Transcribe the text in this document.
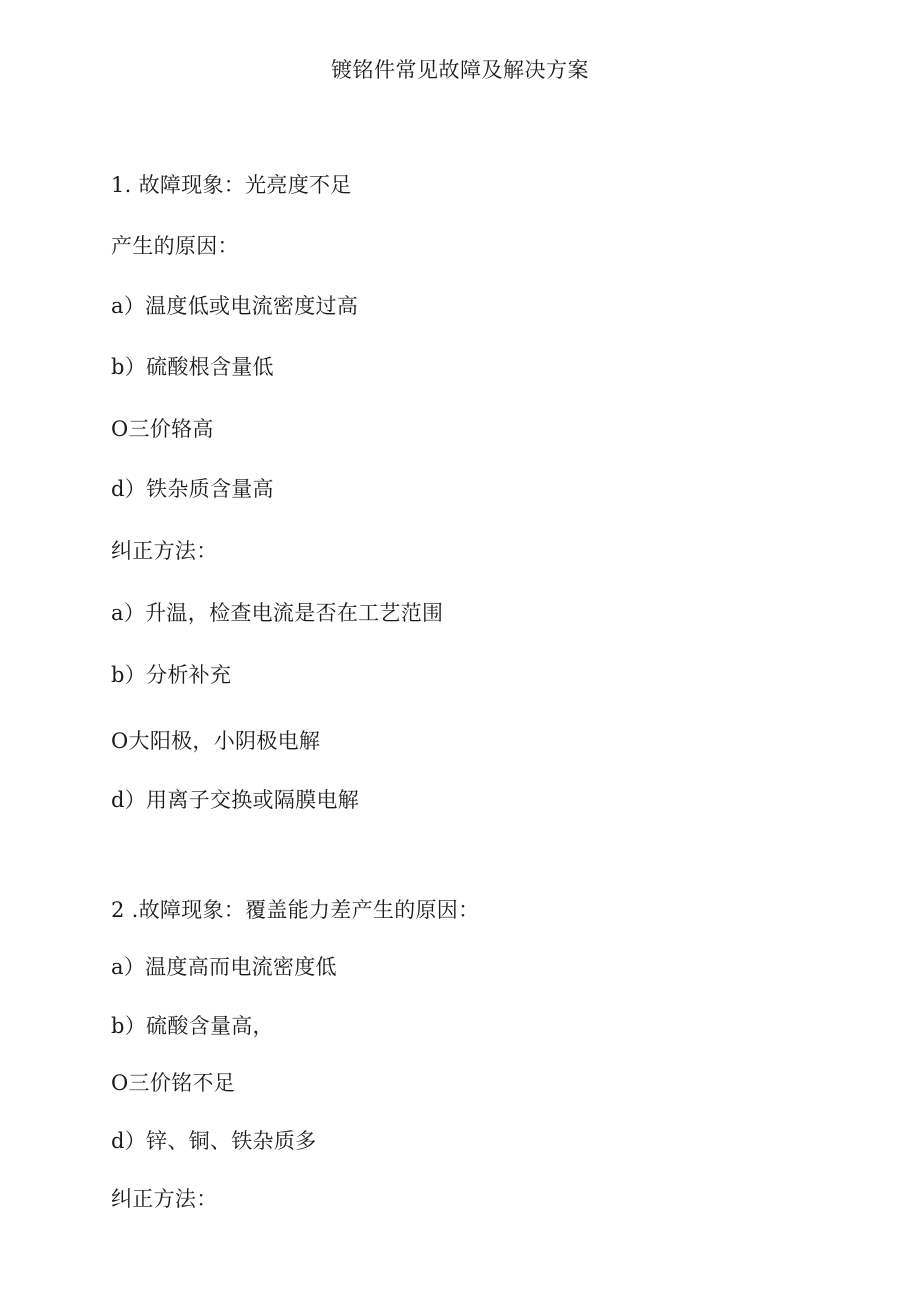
镀铭件常见故障及解决方案
1. 故障现象：光亮度不足
产生的原因：
a）温度低或电流密度过高
b）硫酸根含量低
O三价辂高
d）铁杂质含量高
纠正方法：
a）升温，检查电流是否在工艺范围
b）分析补充
O大阳极，小阴极电解
d）用离子交换或隔膜电解
2 .故障现象：覆盖能力差产生的原因：
a）温度高而电流密度低
b）硫酸含量高，
O三价铭不足
d）锌、铜、铁杂质多
纠正方法：
